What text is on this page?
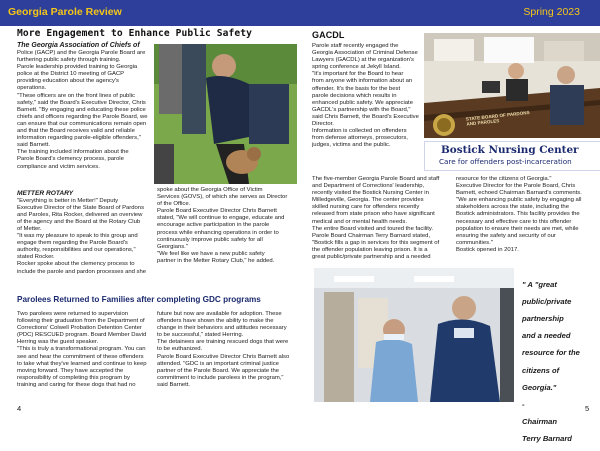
Georgia Parole Review	Spring 2023
More Engagement to Enhance Public Safety

The Georgia Association of Chiefs of

Police (GACP) and the Georgia Parole Board are

furthering public safety through training.

Parole leadership provided training to Georgia

police at the District 10 meeting of GACP

providing education about the agency's

operations.

"These officers are on the front lines of public

safety," said the Board's Executive Director, Chris

Barnett. "By engaging and educating these police

chiefs and officers regarding the Parole Board, we

can ensure that our communications remain open

and that the Board receives valid and reliable

information regarding parole-eligible offenders,"

said Barnett.

The training included information about the

Parole Board's clemency process, parole

compliance and victim services.

METTER ROTARY

"Everything is better in Metter!" Deputy

Executive Director of the State Board of Pardons

and Paroles, Rita Rocker, delivered an overview

of the agency and the Board at the Rotary Club

of Metter.

"It was my pleasure to speak to this group and

engage them regarding the Parole Board's

authority, responsibilities and our operations,"

stated Rocker.

Rocker spoke about the clemency process to

include the parole and pardon processes and she

spoke about the Georgia Office of Victim

Services (GOVS), of which she serves as Director

of the Office.

Parole Board Executive Director Chris Barnett

stated, "We will continue to engage, educate and

encourage active participation in the parole

process while enhancing operations in order to

continuously improve public safety for all

Georgians."

"We feel like we have a new public safety

partner in the Metter Rotary Club," he added.

Parolees Returned to Families after completing GDC programs

Two parolees were returned to supervision

following their graduation from the Department of

Corrections' Colwell Probation Detention Center

(PDC) RESCUED program. Board Member David

Herring was the guest speaker.

"This is truly a transformational program. You can

see and hear the commitment of these offenders

to take what they've learned and continue to keep

moving forward. They have accepted the

responsibility of completing this program by

training and caring for these dogs that had no

future but now are available for adoption. These

offenders have shown the ability to make the

change in their behaviors and attitudes necessary

to be successful," stated Herring.

The detainees are training rescued dogs that were

to be euthanized.

Parole Board Executive Director Chris Barnett also

attended. "GDC is an important criminal justice

partner of the Parole Board. We appreciate the

commitment to include parolees in the program,"

said Barnett.

4
GACDL

Parole staff recently engaged the

Georgia Association of Criminal Defense

Lawyers (GACDL) at the organization's

spring conference at Jekyll Island.

"It's important for the Board to hear

from anyone with information about an

offender. It's the basis for the best

parole decisions which results in

enhanced public safety. We appreciate

GACDL's partnership with the Board,"

said Chris Barnett, the Board's Executive

Director.

Information is collected on offenders

from defense attorneys, prosecutors,

judges, victims and the public.

STATE BOARD OF PARDONS AND PAROLES
Bostick Nursing Center
Care for offenders post-incarceration

The five-member Georgia Parole Board and staff

and Department of Corrections' leadership,

recently visited the Bostick Nursing Center in

Milledgeville, Georgia. The center provides

skilled nursing care for offenders recently

released from state prison who have significant

medical and or mental health needs.

The entire Board visited and toured the facility.

Parole Board Chairman Terry Barnard stated,

"Bostick fills a gap in services for this segment of

the offender population leaving prison. It is a

great public/private partnership and a needed

resource for the citizens of Georgia."

Executive Director for the Parole Board, Chris

Barnett, echoed Chairman Barnard's comments.

"We are enhancing public safety by engaging all

stakeholders across the state, including the

Bostick administrators. This facility provides the

necessary and effective care to this offender

population to ensure their needs are met, while

ensuring the safety and security of our

communities."

Bostick opened in 2017.

" A "great

public/private

partnership

and a needed

resource for the

citizens of

Georgia."

-

Chairman

Terry Barnard

5
